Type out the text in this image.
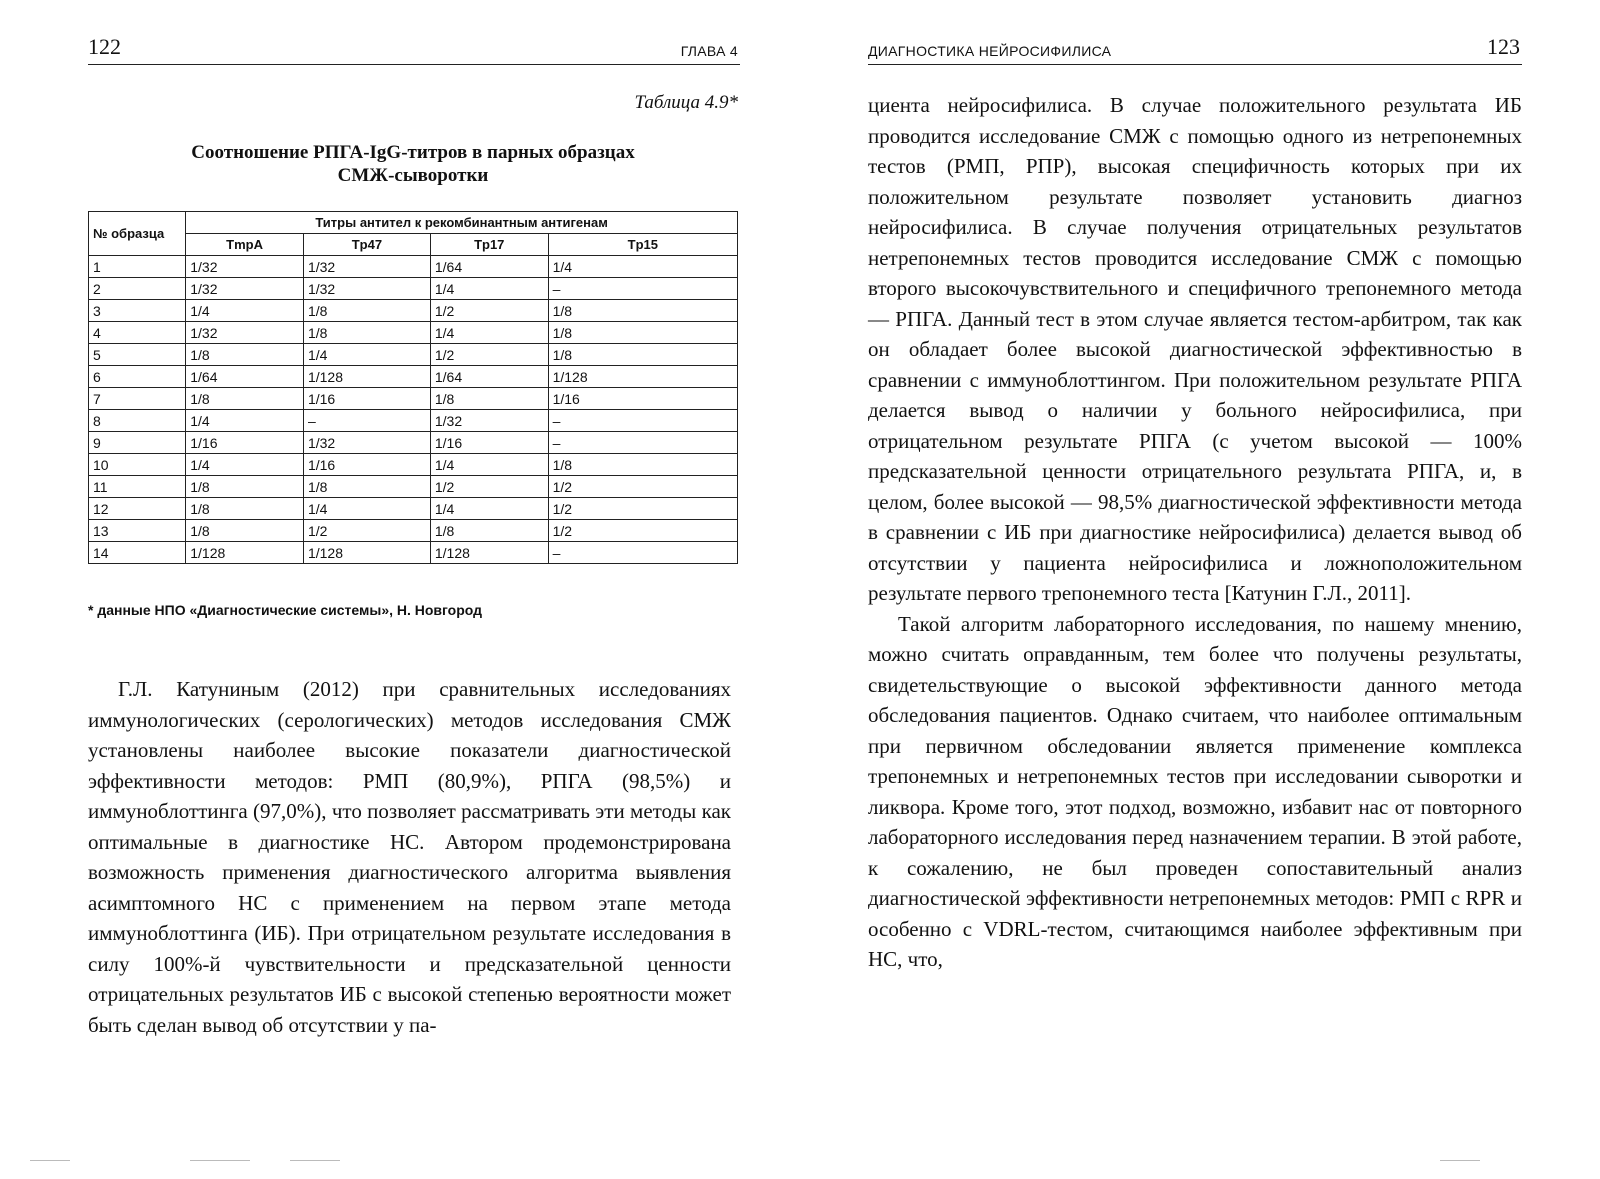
122	ГЛАВА 4
Таблица 4.9*
Соотношение РПГА-IgG-титров в парных образцах
СМЖ-сыворотки
№ образца	Титры антител к рекомбинантным антигенам			
	TmpA	Tp47	Tp17	Tp15
1	1/32	1/32	1/64	1/4
2	1/32	1/32	1/4	–
3	1/4	1/8	1/2	1/8
4	1/32	1/8	1/4	1/8
5	1/8	1/4	1/2	1/8
6	1/64	1/128	1/64	1/128
7	1/8	1/16	1/8	1/16
8	1/4	–	1/32	–
9	1/16	1/32	1/16	–
10	1/4	1/16	1/4	1/8
11	1/8	1/8	1/2	1/2
12	1/8	1/4	1/4	1/2
13	1/8	1/2	1/8	1/2
14	1/128	1/128	1/128	–
* данные НПО «Диагностические системы», Н. Новгород

Г.Л. Катуниным (2012) при сравнительных исследованиях иммунологических (серологических) методов исследования СМЖ установлены наиболее высокие показатели диагностической эффективности методов: РМП (80,9%), РПГА (98,5%) и иммуноблоттинга (97,0%), что позволяет рассматривать эти методы как оптимальные в диагностике НС. Автором продемонстрирована возможность применения диагностического алгоритма выявления асимптомного НС с применением на первом этапе метода иммуноблоттинга (ИБ). При отрицательном результате исследования в силу 100%-й чувствительности и предсказательной ценности отрицательных результатов ИБ с высокой степенью вероятности может быть сделан вывод об отсутствии у па-

ДИАГНОСТИКА НЕЙРОСИФИЛИСА	123

циента нейросифилиса. В случае положительного результата ИБ проводится исследование СМЖ с помощью одного из нетрепонемных тестов (РМП, РПР), высокая специфичность которых при их положительном результате позволяет установить диагноз нейросифилиса. В случае получения отрицательных результатов нетрепонемных тестов проводится исследование СМЖ с помощью второго высокочувствительного и специфичного трепонемного метода — РПГА. Данный тест в этом случае является тестом-арбитром, так как он обладает более высокой диагностической эффективностью в сравнении с иммуноблоттингом. При положительном результате РПГА делается вывод о наличии у больного нейросифилиса, при отрицательном результате РПГА (с учетом высокой — 100% предсказательной ценности отрицательного результата РПГА, и, в целом, более высокой — 98,5% диагностической эффективности метода в сравнении с ИБ при диагностике нейросифилиса) делается вывод об отсутствии у пациента нейросифилиса и ложноположительном результате первого трепонемного теста [Катунин Г.Л., 2011].

Такой алгоритм лабораторного исследования, по нашему мнению, можно считать оправданным, тем более что получены результаты, свидетельствующие о высокой эффективности данного метода обследования пациентов. Однако считаем, что наиболее оптимальным при первичном обследовании является применение комплекса трепонемных и нетрепонемных тестов при исследовании сыворотки и ликвора. Кроме того, этот подход, возможно, избавит нас от повторного лабораторного исследования перед назначением терапии. В этой работе, к сожалению, не был проведен сопоставительный анализ диагностической эффективности нетрепонемных методов: РМП с RPR и особенно с VDRL-тестом, считающимся наиболее эффективным при НС, что,
